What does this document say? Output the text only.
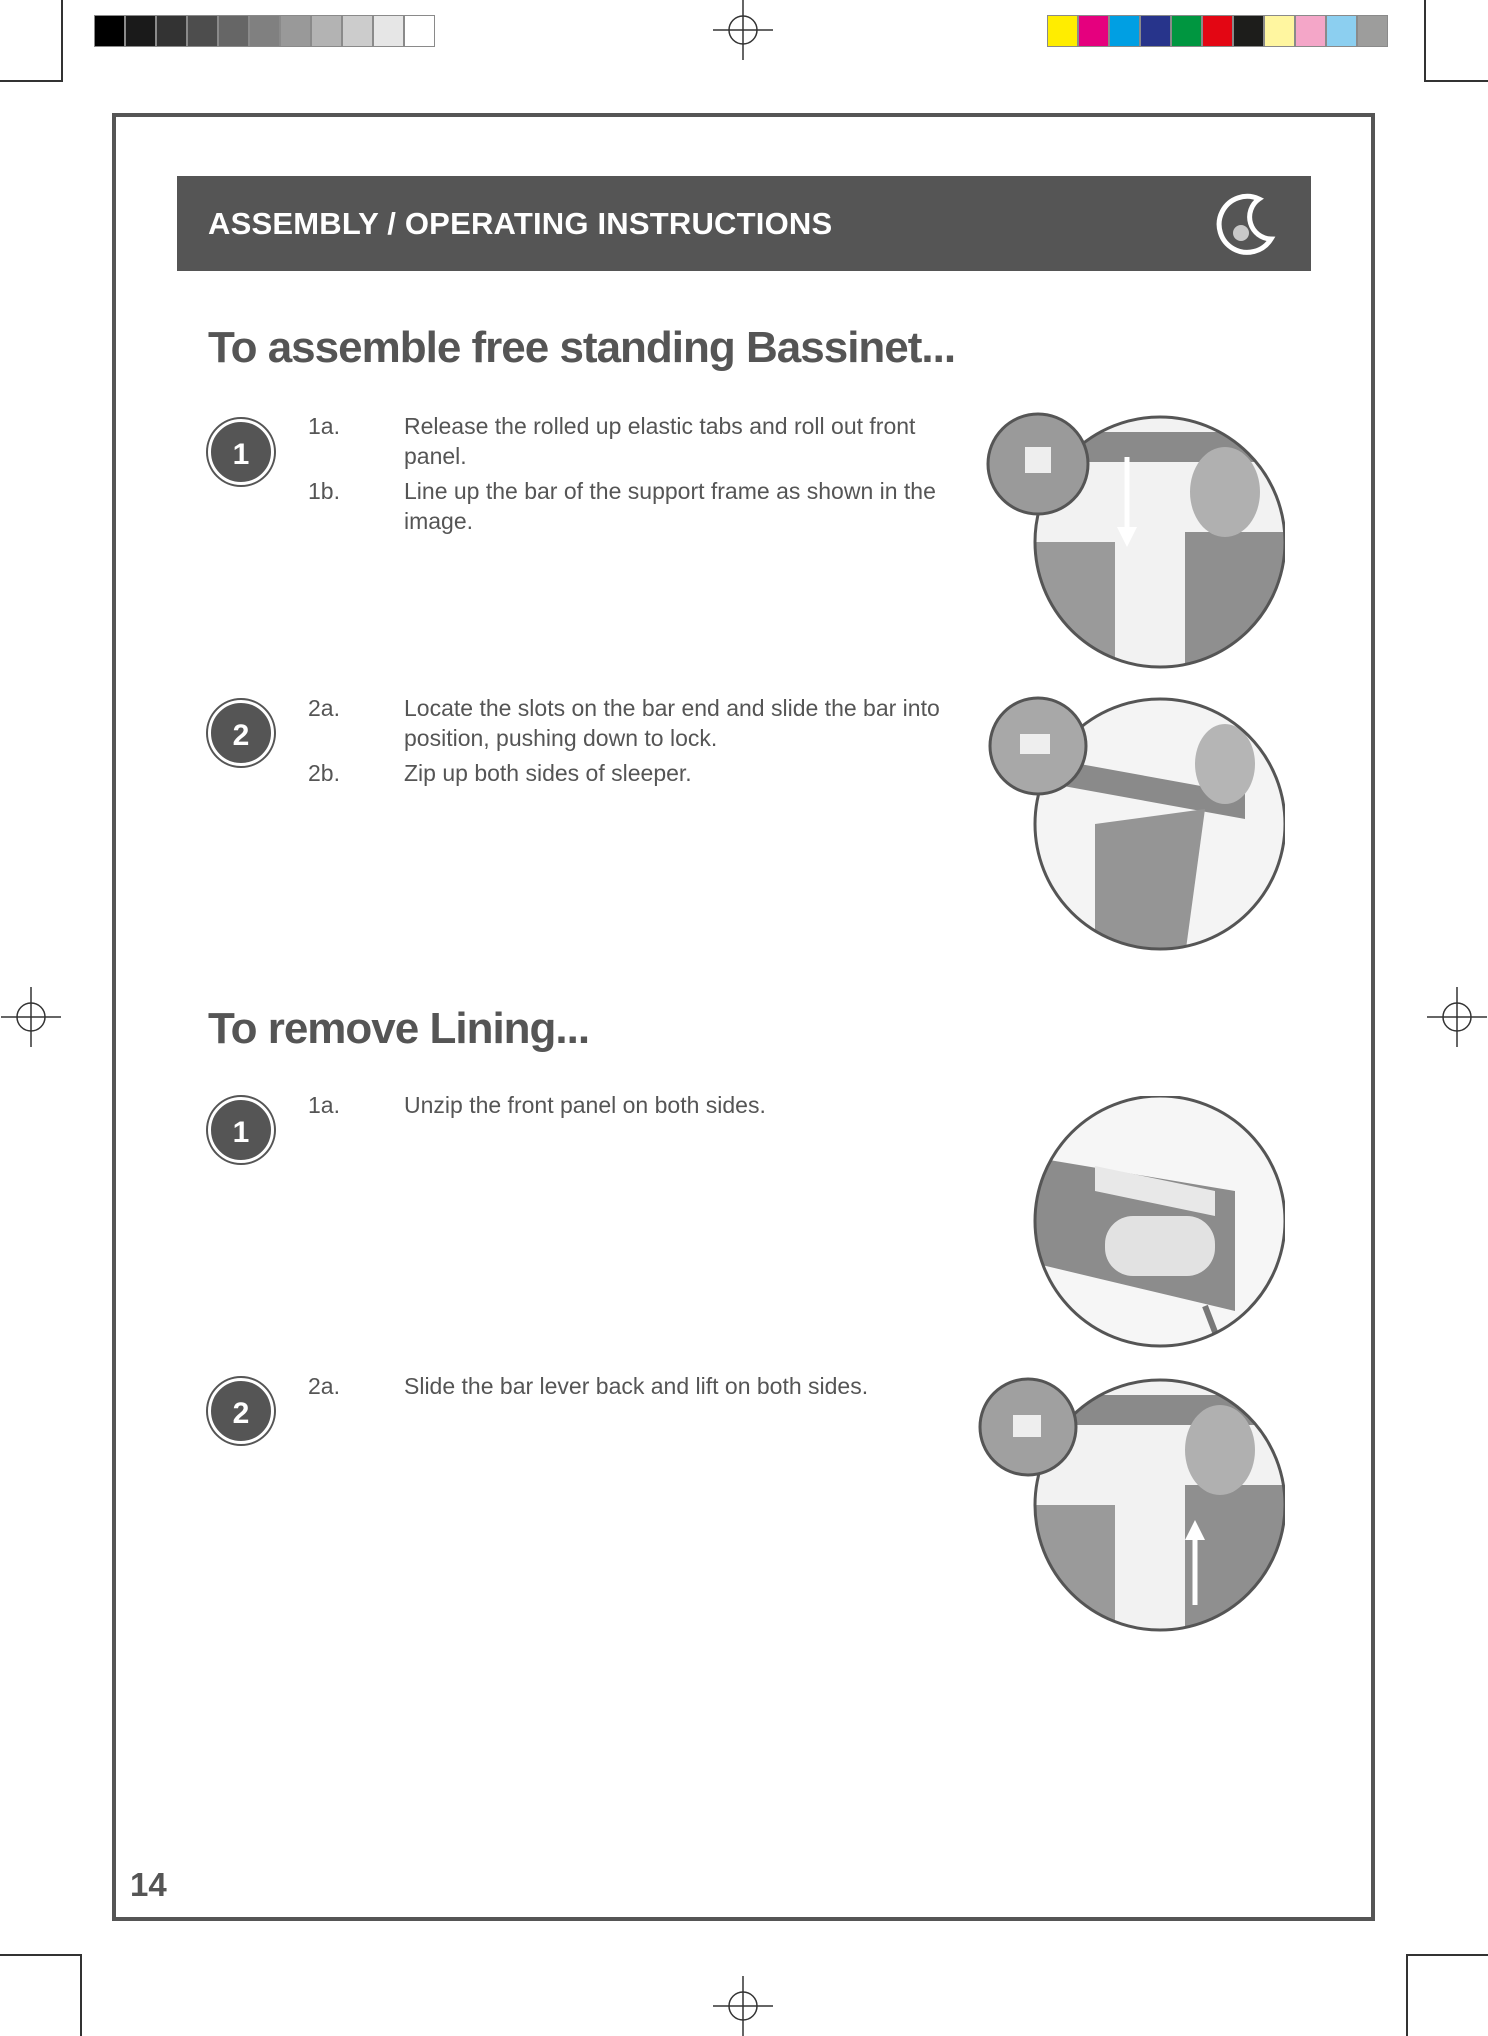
ASSEMBLY / OPERATING INSTRUCTIONS
To assemble free standing Bassinet...
1
1a.	Release the rolled up elastic tabs and roll out front panel.
1b.	Line up the bar of the support frame as shown in the image.
2
2a.	Locate the slots on the bar end and slide the bar into position, pushing down to lock.
2b.	Zip up both sides of sleeper.
To remove Lining...
1
1a.	Unzip the front panel on both sides.
2
2a.	Slide the bar lever back and lift on both sides.
14
